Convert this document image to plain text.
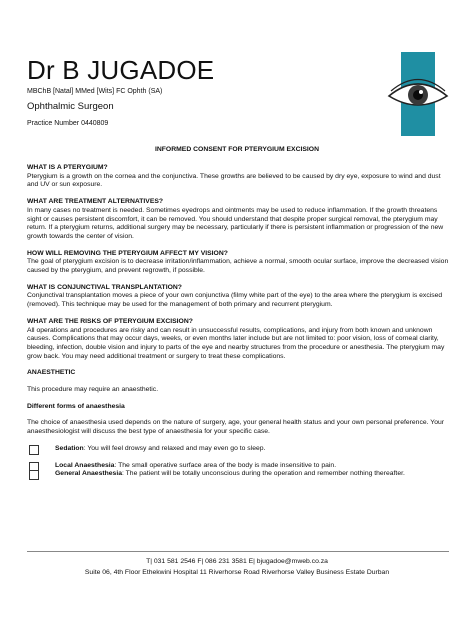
Dr B JUGADOE
MBChB [Natal] MMed [Wits] FC Ophth (SA)
Ophthalmic Surgeon
Practice Number 0440809
INFORMED CONSENT FOR PTERYGIUM EXCISION

WHAT IS A PTERYGIUM?

Pterygium is a growth on the cornea and the conjunctiva. These growths are believed to be caused by dry eye, exposure to wind and dust and UV or sun exposure.

WHAT ARE TREATMENT ALTERNATIVES?

In many cases no treatment is needed. Sometimes eyedrops and ointments may be used to reduce inflammation. If the growth threatens sight or causes persistent discomfort, it can be removed. You should understand that despite proper surgical removal, the pterygium may return. If a pterygium returns, additional surgery may be necessary, particularly if there is persistent inflammation or progression of the new growth towards the center of vision.

HOW WILL REMOVING THE PTERYGIUM AFFECT MY VISION?

The goal of pterygium excision is to decrease irritation/inflammation, achieve a normal, smooth ocular surface, improve the decreased vision caused by the pterygium, and prevent regrowth, if possible.

WHAT IS CONJUNCTIVAL TRANSPLANTATION?

Conjunctival transplantation moves a piece of your own conjunctiva (filmy white part of the eye) to the area where the pterygium is excised (removed). This technique may be used for the management of both primary and recurrent pterygium.

WHAT ARE THE RISKS OF PTERYGIUM EXCISION?

All operations and procedures are risky and can result in unsuccessful results, complications, and injury from both known and unknown causes. Complications that may occur days, weeks, or even months later include but are not limited to: poor vision, loss of corneal clarity, bleeding, infection, double vision and injury to parts of the eye and nearby structures from the procedure or anesthesia. The pterygium may grow back. You may need additional treatment or surgery to treat these complications.

ANAESTHETIC

This procedure may require an anaesthetic.

Different forms of anaesthesia

The choice of anaesthesia used depends on the nature of surgery, age, your general health status and your own personal preference. Your anaesthesiologist will discuss the best type of anaesthesia for your specific case.

Sedation: You will feel drowsy and relaxed and may even go to sleep.

Local Anaesthesia: The small operative surface area of the body is made insensitive to pain.

General Anaesthesia: The patient will be totally unconscious during the operation and remember nothing thereafter.

T| 031 581 2546 F| 086 231 3581 E| bjugadoe@mweb.co.za
Suite 06, 4th Floor Ethekwini Hospital 11 Riverhorse Road Riverhorse Valley Business Estate Durban
